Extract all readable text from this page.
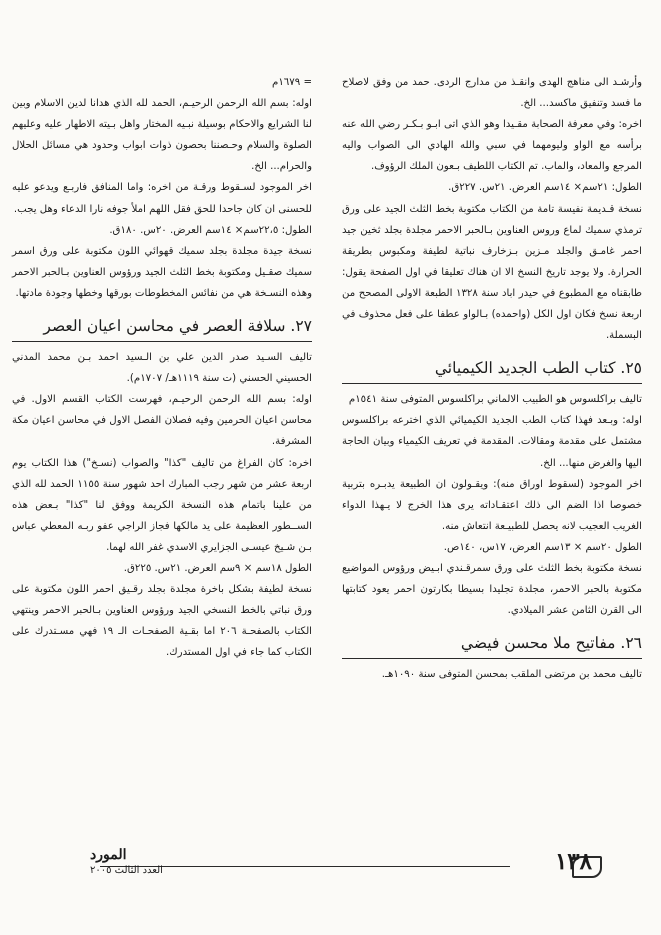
وأرشـد الى مناهج الهدى وانقـذ من مدارج الردى. حمد من وفق لاصلاح ما فسد وتنفيق ماكسد... الخ.

اخره: وفي معرفة الصحابة مقـيدا وهو الذي اتى ابـو بـكـر رضي الله عنه برأسه مع الواو وليومهما في سبي والله الهادي الى الصواب واليه المرجع والمعاد، والماب. تم الكتاب اللطيف بـعون الملك الرؤوف.

الطول: ٢١سم× ١٤سم العرض. ٢١س. ٢٢٧ق.

نسخة قـديمة نفيسة تامة من الكتاب مكتوبة بخط الثلث الجيد على ورق ترمذي سميك لماع وروس العناوين بـالحبر الاحمر مجلدة بجلد ثخين جيد احمر غامـق والجلد مـزين بـزخارف نباتية لطيفة ومكبوس بطريقة الحرارة. ولا يوجد تاريخ النسخ الا ان هناك تعليقا في اول الصفحة يقول: طابقناه مع المطبوع في حيدر اباد سنة ١٣٢٨ الطبعة الاولى المصحح من اربعة نسخ فكان اول الكل (واحمده) بـالواو عطفا على فعل محذوف في البسملة.

٢٥. كتاب الطب الجديد الكيميائي

تاليف براكلسوس هو الطبيب الالماني براكلسوس المتوفى سنة ١٥٤١م

اوله: وبـعد فهذا كتاب الطب الجديد الكيميائي الذي اخترعه براكلسوس مشتمل على مقدمة ومقالات. المقدمة في تعريف الكيمياء وبيان الحاجة اليها والغرض منها... الخ.

اخر الموجود (لسقوط اوراق منه): ويقـولون ان الطبيعة يدبـره بتربية خصوصا اذا الضم الى ذلك اعتقـاداته يرى هذا الخرج لا يـهذا الدواء الغريب العجيب لانه يحصل للطبيـعة انتعاش منه.

الطول ٢٠سم × ١٣سم العرض، ١٧س، ١٤٠ص.

نسخة مكتوبة بخط الثلث على ورق سمرقـندي ابـيض ورؤوس المواضيع مكتوبة بالحبر الاحمر، مجلدة تجليدا بسيطا بكارتون احمر يعود كتابتها الى القرن الثامن عشر الميلادي.

٢٦. مفاتيح ملا محسن فيضي

تاليف محمد بن مرتضى الملقب بمحسن المتوفى سنة ١٠٩٠هـ.

= ١٦٧٩م

اوله: بسم الله الرحمن الرحيـم، الحمد لله الذي هدانا لدين الاسلام وبين لنا الشرايع والاحكام بوسيلة نبـيه المختار واهل بـيته الاطهار عليه وعليهم الصلوة والسلام وحـصننا بحصون ذوات ابواب وحدود هي مسائل الحلال والحرام... الخ.

اخر الموجود لسـقوط ورقـة من اخره: واما المنافق فاربـع ويدعو عليه للحسنى ان كان جاحدا للحق فقل اللهم املأ جوفه نارا الدعاء وهل يجب.

الطول: ٢٢،٥سم× ١٤سم العرض. ٢٠س. ١٨٠ق.

نسخة جيدة مجلدة بجلد سميك قهوائي اللون مكتوبة على ورق اسمر سميك صقـيل ومكتوبة بخط الثلث الجيد ورؤوس العناوين بـالحبر الاحمر وهذه النسـخة هي من نفائس المخطوطات بورقها وخطها وجودة مادتها.

٢٧. سلافة العصر في محاسن اعيان العصر

تاليف السـيد صدر الدين علي بن الـسيد احمد بـن محمد المدني الحسيني الحسني (ت سنة ١١١٩هـ/ ١٧٠٧م).

اوله: بسم الله الرحمن الرحيـم، فهرست الكتاب القسم الاول. في محاسن اعيان الحرمين وفيه فصلان الفصل الاول في محاسن اعيان مكة المشرفة.

اخره: كان الفراغ من تاليف "كذا" والصواب (نسـخ") هذا الكتاب يوم اربعة عشر من شهر رجب المبارك احد شهور سنة ١١٥٥ الحمد لله الذي من علينا باتمام هذه النسخة الكريمة ووفق لنا "كذا" بـعض هذه الســطور العظيمة على يد مالكها فجاز الراجي عفو ربـه المعطي عباس بـن شـيخ عيسـى الجزايري الاسدي غفر الله لهما.

الطول ١٨سم × ٩سم العرض. ٢١س. ٢٢٥ق.

نسخة لطيفة بشكل باخرة مجلدة بجلد رقـيق احمر اللون مكتوبة على ورق نباتي بالخط النسخي الجيد ورؤوس العناوين بـالحبر الاحمر وينتهي الكتاب بالصفحـة ٢٠٦ اما بقـية الصفحـات الـ ١٩ فهي مسـتدرك على الكتاب كما جاء في اول المستدرك.

١٣٨
المورد
العدد الثالث ٢٠٠٥
